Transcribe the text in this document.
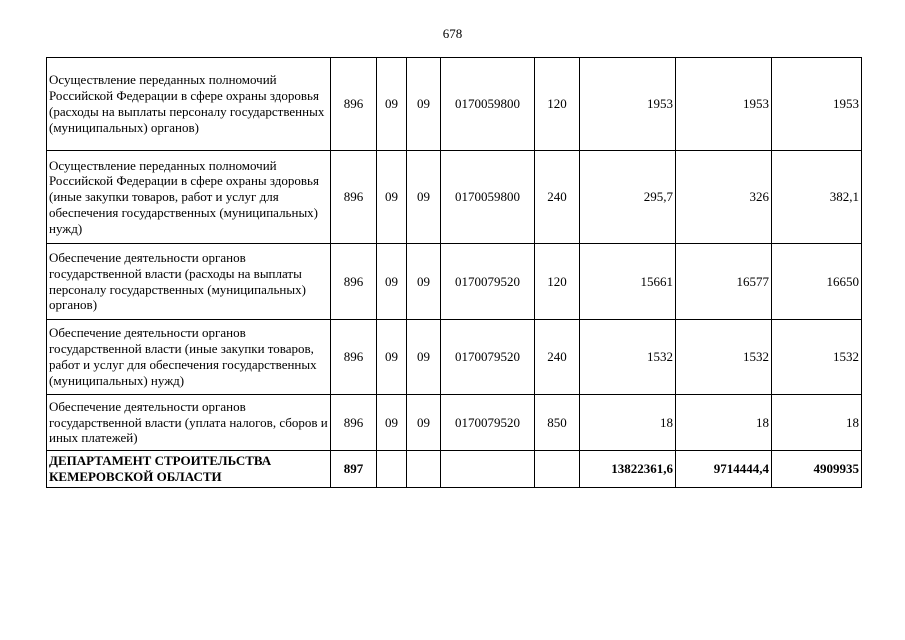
678
Осуществление переданных полномочий Российской Федерации в сфере охраны здоровья (расходы на выплаты персоналу государственных (муниципальных) органов)	896	09	09	0170059800	120	1953	1953	1953
Осуществление переданных полномочий Российской Федерации в сфере охраны здоровья (иные закупки товаров, работ и услуг для обеспечения государственных (муниципальных) нужд)	896	09	09	0170059800	240	295,7	326	382,1
Обеспечение деятельности органов государственной власти (расходы на выплаты персоналу государственных (муниципальных) органов)	896	09	09	0170079520	120	15661	16577	16650
Обеспечение деятельности органов государственной власти (иные закупки товаров, работ и услуг для обеспечения государственных (муниципальных) нужд)	896	09	09	0170079520	240	1532	1532	1532
Обеспечение деятельности органов государственной власти (уплата налогов, сборов и иных платежей)	896	09	09	0170079520	850	18	18	18
ДЕПАРТАМЕНТ СТРОИТЕЛЬСТВА КЕМЕРОВСКОЙ ОБЛАСТИ	897					13822361,6	9714444,4	4909935
